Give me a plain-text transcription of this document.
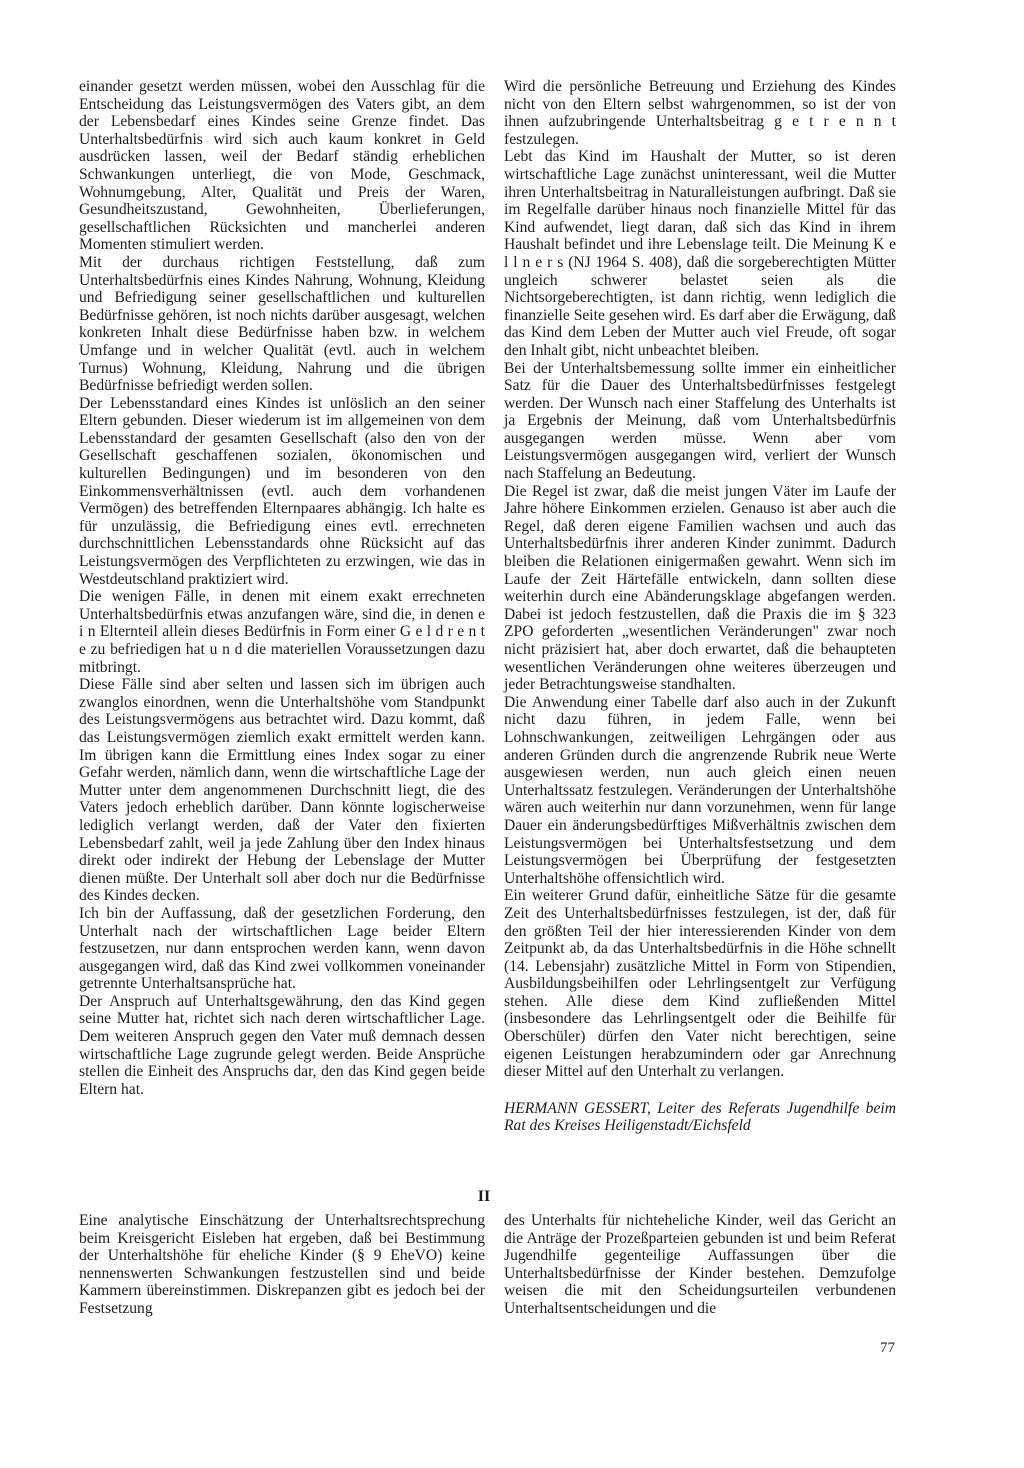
einander gesetzt werden müssen, wobei den Ausschlag für die Entscheidung das Leistungsvermögen des Vaters gibt, an dem der Lebensbedarf eines Kindes seine Grenze findet. Das Unterhaltsbedürfnis wird sich auch kaum konkret in Geld ausdrücken lassen, weil der Bedarf ständig erheblichen Schwankungen unterliegt, die von Mode, Geschmack, Wohnumgebung, Alter, Qualität und Preis der Waren, Gesundheitszustand, Gewohnheiten, Überlieferungen, gesellschaftlichen Rücksichten und mancherlei anderen Momenten stimuliert werden.

Mit der durchaus richtigen Feststellung, daß zum Unterhaltsbedürfnis eines Kindes Nahrung, Wohnung, Kleidung und Befriedigung seiner gesellschaftlichen und kulturellen Bedürfnisse gehören, ist noch nichts darüber ausgesagt, welchen konkreten Inhalt diese Bedürfnisse haben bzw. in welchem Umfange und in welcher Qualität (evtl. auch in welchem Turnus) Wohnung, Kleidung, Nahrung und die übrigen Bedürfnisse befriedigt werden sollen.

Der Lebensstandard eines Kindes ist unlöslich an den seiner Eltern gebunden. Dieser wiederum ist im allgemeinen von dem Lebensstandard der gesamten Gesellschaft (also den von der Gesellschaft geschaffenen sozialen, ökonomischen und kulturellen Bedingungen) und im besonderen von den Einkommensverhältnissen (evtl. auch dem vorhandenen Vermögen) des betreffenden Elternpaares abhängig. Ich halte es für unzulässig, die Befriedigung eines evtl. errechneten durchschnittlichen Lebensstandards ohne Rücksicht auf das Leistungsvermögen des Verpflichteten zu erzwingen, wie das in Westdeutschland praktiziert wird.

Die wenigen Fälle, in denen mit einem exakt errechneten Unterhaltsbedürfnis etwas anzufangen wäre, sind die, in denen e i n Elternteil allein dieses Bedürfnis in Form einer G e l d r e n t e zu befriedigen hat u n d die materiellen Voraussetzungen dazu mitbringt.

Diese Fälle sind aber selten und lassen sich im übrigen auch zwanglos einordnen, wenn die Unterhaltshöhe vom Standpunkt des Leistungsvermögens aus betrachtet wird. Dazu kommt, daß das Leistungsvermögen ziemlich exakt ermittelt werden kann. Im übrigen kann die Ermittlung eines Index sogar zu einer Gefahr werden, nämlich dann, wenn die wirtschaftliche Lage der Mutter unter dem angenommenen Durchschnitt liegt, die des Vaters jedoch erheblich darüber. Dann könnte logischerweise lediglich verlangt werden, daß der Vater den fixierten Lebensbedarf zahlt, weil ja jede Zahlung über den Index hinaus direkt oder indirekt der Hebung der Lebenslage der Mutter dienen müßte. Der Unterhalt soll aber doch nur die Bedürfnisse des Kindes decken.

Ich bin der Auffassung, daß der gesetzlichen Forderung, den Unterhalt nach der wirtschaftlichen Lage beider Eltern festzusetzen, nur dann entsprochen werden kann, wenn davon ausgegangen wird, daß das Kind zwei vollkommen voneinander getrennte Unterhaltsansprüche hat.

Der Anspruch auf Unterhaltsgewährung, den das Kind gegen seine Mutter hat, richtet sich nach deren wirtschaftlicher Lage. Dem weiteren Anspruch gegen den Vater muß demnach dessen wirtschaftliche Lage zugrunde gelegt werden. Beide Ansprüche stellen die Einheit des Anspruchs dar, den das Kind gegen beide Eltern hat.

Wird die persönliche Betreuung und Erziehung des Kindes nicht von den Eltern selbst wahrgenommen, so ist der von ihnen aufzubringende Unterhaltsbeitrag g e t r e n n t festzulegen.

Lebt das Kind im Haushalt der Mutter, so ist deren wirtschaftliche Lage zunächst uninteressant, weil die Mutter ihren Unterhaltsbeitrag in Naturalleistungen aufbringt. Daß sie im Regelfalle darüber hinaus noch finanzielle Mittel für das Kind aufwendet, liegt daran, daß sich das Kind in ihrem Haushalt befindet und ihre Lebenslage teilt. Die Meinung K e l l n e r s (NJ 1964 S. 408), daß die sorgeberechtigten Mütter ungleich schwerer belastet seien als die Nichtsorgeberechtigten, ist dann richtig, wenn lediglich die finanzielle Seite gesehen wird. Es darf aber die Erwägung, daß das Kind dem Leben der Mutter auch viel Freude, oft sogar den Inhalt gibt, nicht unbeachtet bleiben.

Bei der Unterhaltsbemessung sollte immer ein einheitlicher Satz für die Dauer des Unterhaltsbedürfnisses festgelegt werden. Der Wunsch nach einer Staffelung des Unterhalts ist ja Ergebnis der Meinung, daß vom Unterhaltsbedürfnis ausgegangen werden müsse. Wenn aber vom Leistungsvermögen ausgegangen wird, verliert der Wunsch nach Staffelung an Bedeutung.

Die Regel ist zwar, daß die meist jungen Väter im Laufe der Jahre höhere Einkommen erzielen. Genauso ist aber auch die Regel, daß deren eigene Familien wachsen und auch das Unterhaltsbedürfnis ihrer anderen Kinder zunimmt. Dadurch bleiben die Relationen einigermaßen gewahrt. Wenn sich im Laufe der Zeit Härtefälle entwickeln, dann sollten diese weiterhin durch eine Abänderungsklage abgefangen werden. Dabei ist jedoch festzustellen, daß die Praxis die im § 323 ZPO geforderten „wesentlichen Veränderungen" zwar noch nicht präzisiert hat, aber doch erwartet, daß die behaupteten wesentlichen Veränderungen ohne weiteres überzeugen und jeder Betrachtungsweise standhalten.

Die Anwendung einer Tabelle darf also auch in der Zukunft nicht dazu führen, in jedem Falle, wenn bei Lohnschwankungen, zeitweiligen Lehrgängen oder aus anderen Gründen durch die angrenzende Rubrik neue Werte ausgewiesen werden, nun auch gleich einen neuen Unterhaltssatz festzulegen. Veränderungen der Unterhaltshöhe wären auch weiterhin nur dann vorzunehmen, wenn für lange Dauer ein änderungsbedürftiges Mißverhältnis zwischen dem Leistungsvermögen bei Unterhaltsfestsetzung und dem Leistungsvermögen bei Überprüfung der festgesetzten Unterhaltshöhe offensichtlich wird.

Ein weiterer Grund dafür, einheitliche Sätze für die gesamte Zeit des Unterhaltsbedürfnisses festzulegen, ist der, daß für den größten Teil der hier interessierenden Kinder von dem Zeitpunkt ab, da das Unterhaltsbedürfnis in die Höhe schnellt (14. Lebensjahr) zusätzliche Mittel in Form von Stipendien, Ausbildungsbeihilfen oder Lehrlingsentgelt zur Verfügung stehen. Alle diese dem Kind zufließenden Mittel (insbesondere das Lehrlingsentgelt oder die Beihilfe für Oberschüler) dürfen den Vater nicht berechtigen, seine eigenen Leistungen herabzumindern oder gar Anrechnung dieser Mittel auf den Unterhalt zu verlangen.

HERMANN GESSERT, Leiter des Referats Jugendhilfe beim Rat des Kreises Heiligenstadt/Eichsfeld

II

Eine analytische Einschätzung der Unterhaltsrechtsprechung beim Kreisgericht Eisleben hat ergeben, daß bei Bestimmung der Unterhaltshöhe für eheliche Kinder (§ 9 EheVO) keine nennenswerten Schwankungen festzustellen sind und beide Kammern übereinstimmen. Diskrepanzen gibt es jedoch bei der Festsetzung

des Unterhalts für nichteheliche Kinder, weil das Gericht an die Anträge der Prozeßparteien gebunden ist und beim Referat Jugendhilfe gegenteilige Auffassungen über die Unterhaltsbedürfnisse der Kinder bestehen. Demzufolge weisen die mit den Scheidungsurteilen verbundenen Unterhaltsentscheidungen und die

77
